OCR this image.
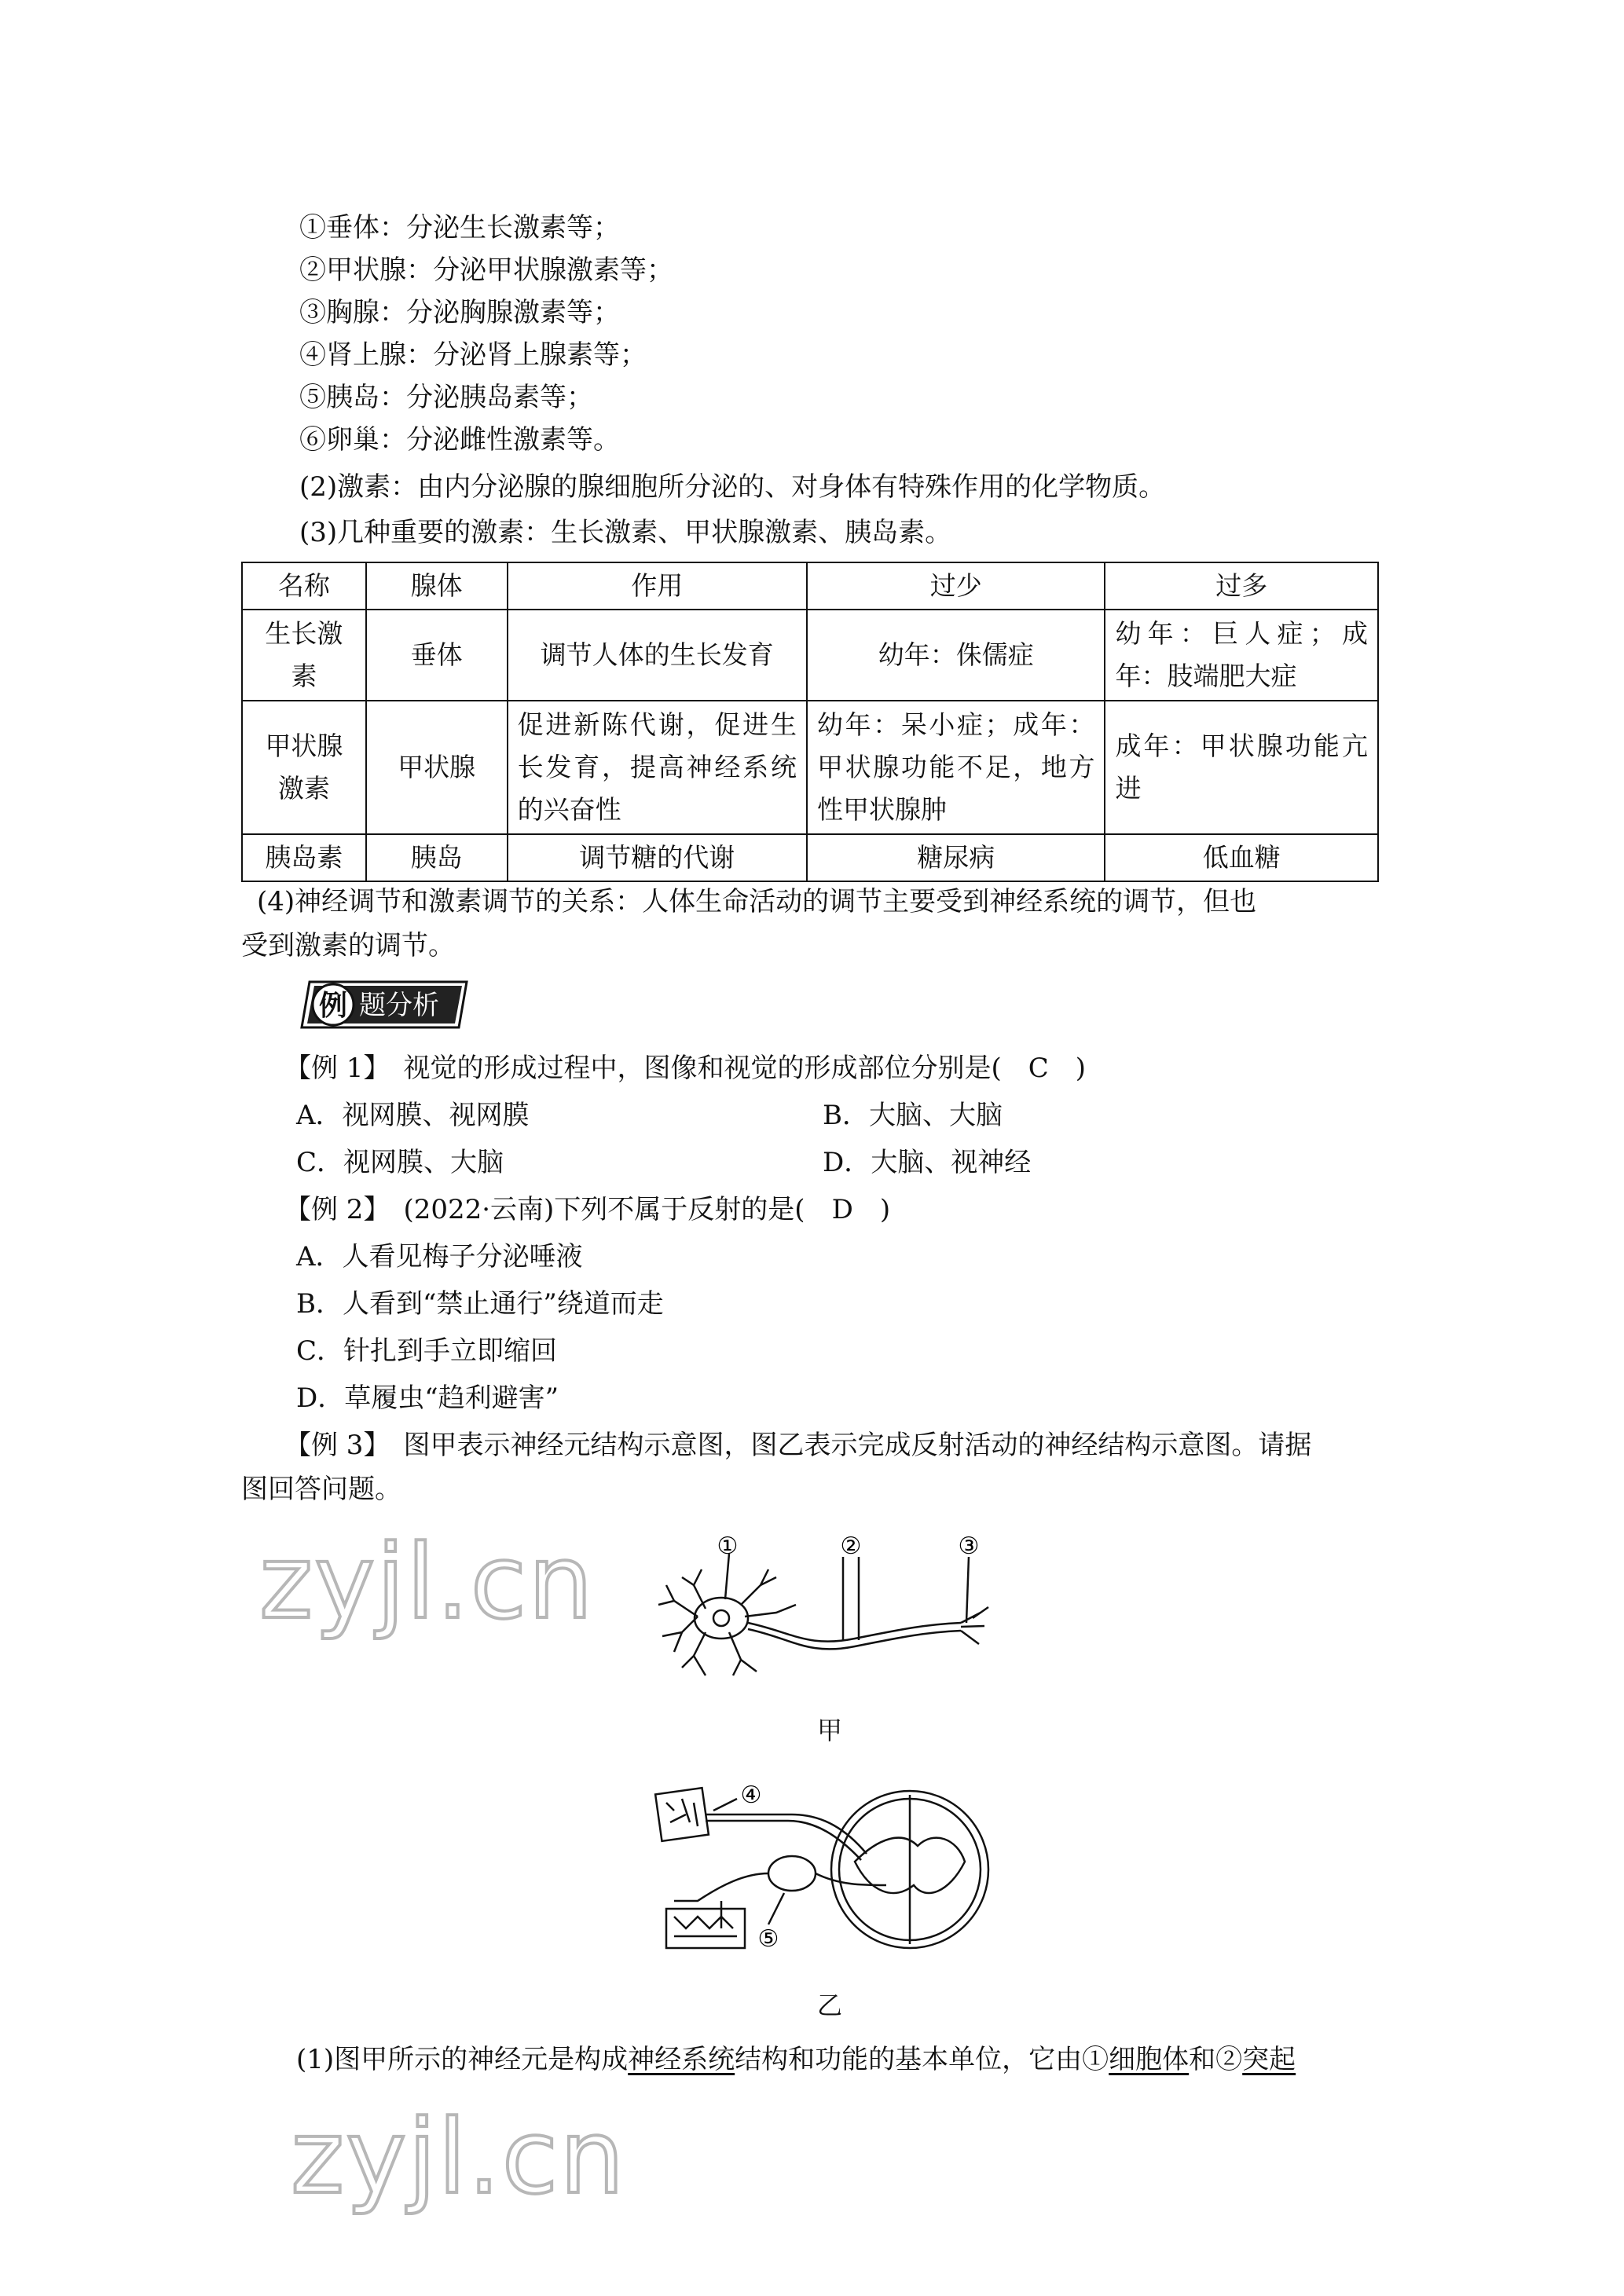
①垂体：分泌生长激素等；
②甲状腺：分泌甲状腺激素等；
③胸腺：分泌胸腺激素等；
④肾上腺：分泌肾上腺素等；
⑤胰岛：分泌胰岛素等；
⑥卵巢：分泌雌性激素等。
(2)激素：由内分泌腺的腺细胞所分泌的、对身体有特殊作用的化学物质。
(3)几种重要的激素：生长激素、甲状腺激素、胰岛素。
名称	腺体	作用	过少	过多
生长激素	垂体	调节人体的生长发育	幼年：侏儒症	幼年：巨人症；成年：肢端肥大症
甲状腺激素	甲状腺	促进新陈代谢，促进生长发育，提高神经系统的兴奋性	幼年：呆小症；成年：甲状腺功能不足，地方性甲状腺肿	成年：甲状腺功能亢进
胰岛素	胰岛	调节糖的代谢	糖尿病	低血糖
(4)神经调节和激素调节的关系：人体生命活动的调节主要受到神经系统的调节，但也
受到激素的调节。
例 题分析
【例 1】　视觉的形成过程中，图像和视觉的形成部位分别是(　C　)
A．视网膜、视网膜	B．大脑、大脑
C．视网膜、大脑	D．大脑、视神经
【例 2】　(2022·云南)下列不属于反射的是(　D　)
A．人看见梅子分泌唾液
B．人看到“禁止通行”绕道而走
C．针扎到手立即缩回
D．草履虫“趋利避害”
【例 3】　图甲表示神经元结构示意图，图乙表示完成反射活动的神经结构示意图。请据
图回答问题。
zyjl.cn	①	②	③
甲
④
⑤
乙
(1)图甲所示的神经元是构成神经系统结构和功能的基本单位，它由①细胞体和②突起
zyjl.cn
